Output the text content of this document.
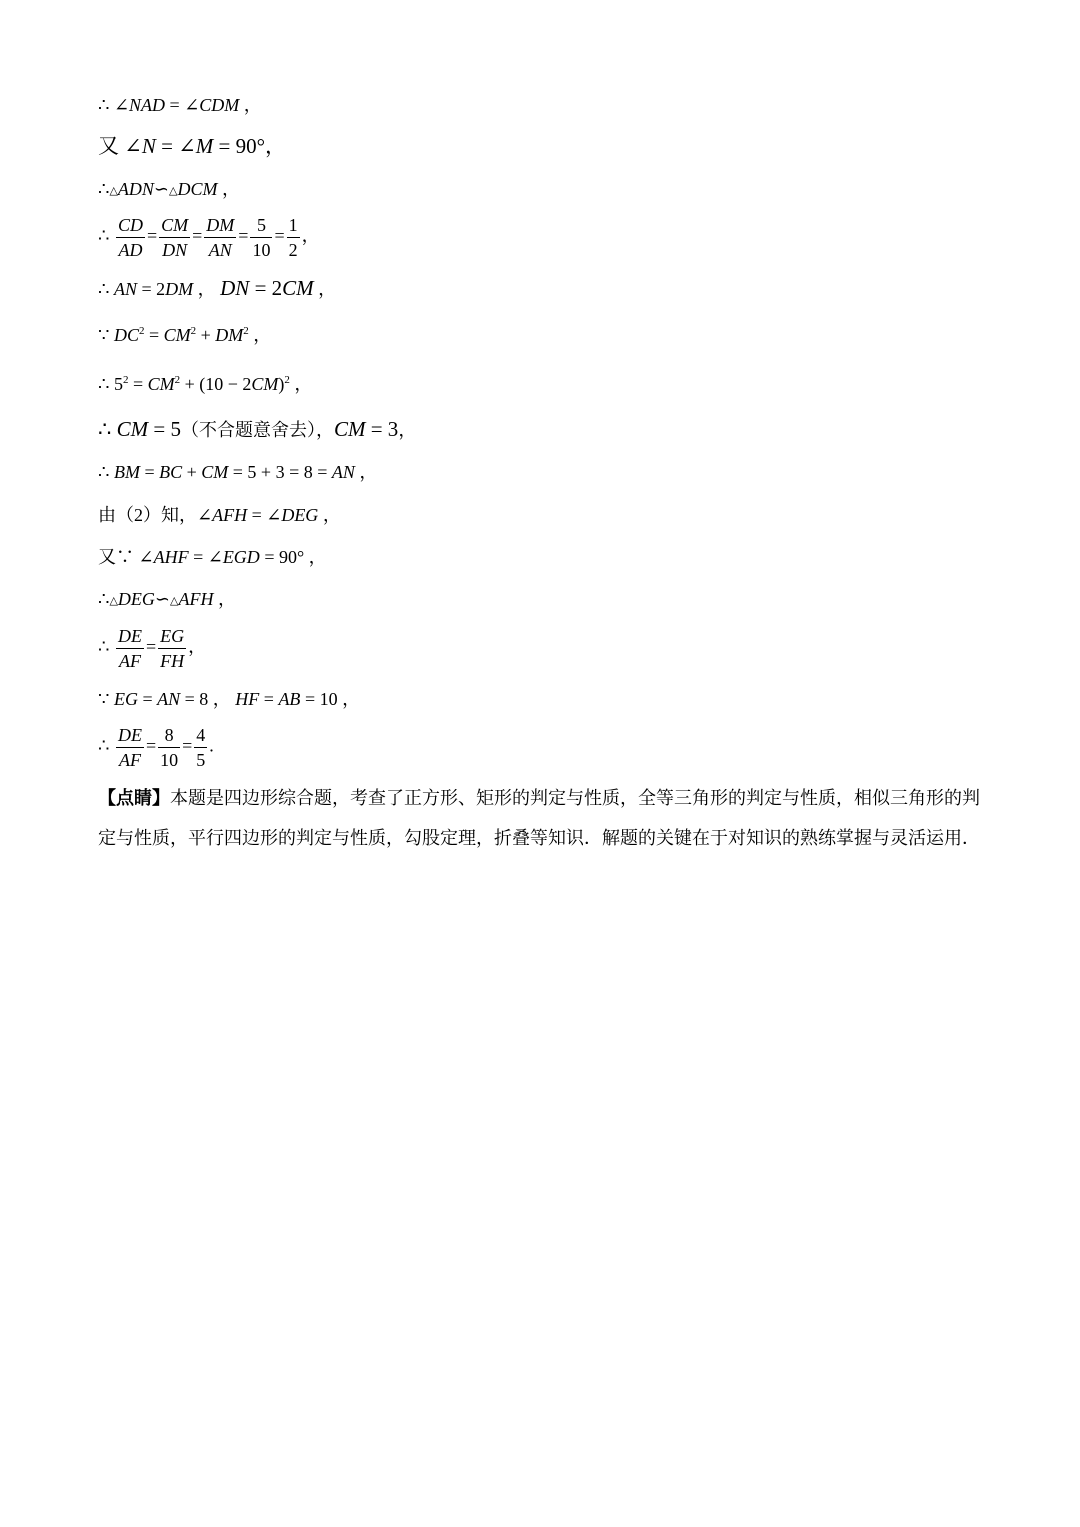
∴ ∠NAD = ∠CDM ，
又 ∠N = ∠M = 90°，
∴△ADN∽△DCM ，
∴ $\frac{CD}{AD} = \frac{CM}{DN} = \frac{DM}{AN} = \frac{5}{10} = \frac{1}{2}$ ，
∴ AN = 2DM ， DN = 2CM ，
∵ $DC^2 = CM^2 + DM^2$ ，
∴ $5^2 = CM^2 + (10 - 2CM)^2$ ，
∴ CM = 5（不合题意舍去），CM = 3，
∴ BM = BC + CM = 5 + 3 = 8 = AN ，
由（2）知，∠AFH = ∠DEG ，
又∵ ∠AHF = ∠EGD = 90° ，
∴△DEG∽△AFH ，
∴ $\frac{DE}{AF} = \frac{EG}{FH}$ ，
∵ EG = AN = 8 ， HF = AB = 10 ，
∴ $\frac{DE}{AF} = \frac{8}{10} = \frac{4}{5}$ .
【点睛】本题是四边形综合题，考查了正方形、矩形的判定与性质，全等三角形的判定与性质，相似三角形的判定与性质，平行四边形的判定与性质，勾股定理，折叠等知识．解题的关键在于对知识的熟练掌握与灵活运用．
